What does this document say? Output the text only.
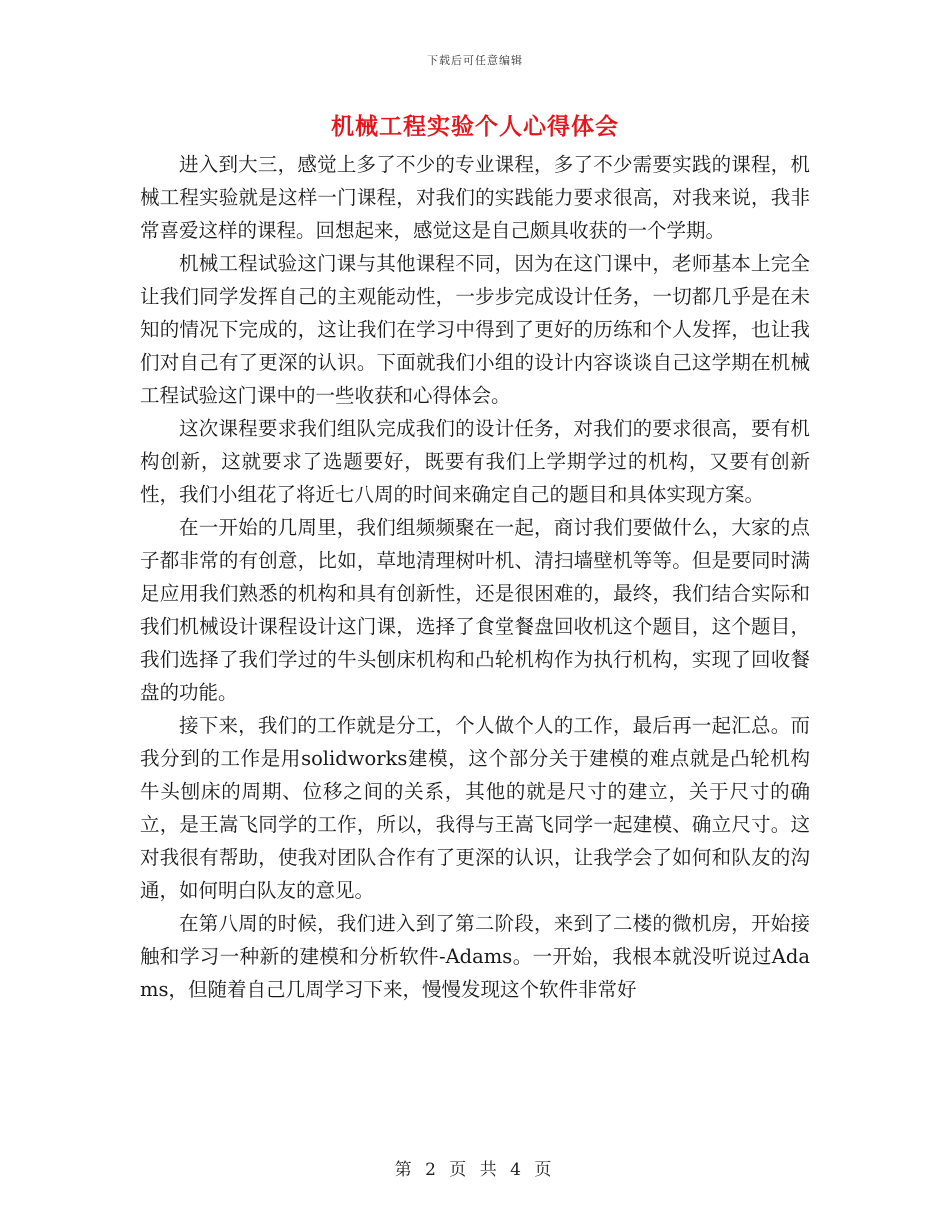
下载后可任意编辑
机械工程实验个人心得体会

进入到大三，感觉上多了不少的专业课程，多了不少需要实践的课程，机械工程实验就是这样一门课程，对我们的实践能力要求很高，对我来说，我非常喜爱这样的课程。回想起来，感觉这是自己颇具收获的一个学期。

机械工程试验这门课与其他课程不同，因为在这门课中，老师基本上完全让我们同学发挥自己的主观能动性，一步步完成设计任务，一切都几乎是在未知的情况下完成的，这让我们在学习中得到了更好的历练和个人发挥，也让我们对自己有了更深的认识。下面就我们小组的设计内容谈谈自己这学期在机械工程试验这门课中的一些收获和心得体会。

这次课程要求我们组队完成我们的设计任务，对我们的要求很高，要有机构创新，这就要求了选题要好，既要有我们上学期学过的机构，又要有创新性，我们小组花了将近七八周的时间来确定自己的题目和具体实现方案。

在一开始的几周里，我们组频频聚在一起，商讨我们要做什么，大家的点子都非常的有创意，比如，草地清理树叶机、清扫墙壁机等等。但是要同时满足应用我们熟悉的机构和具有创新性，还是很困难的，最终，我们结合实际和我们机械设计课程设计这门课，选择了食堂餐盘回收机这个题目，这个题目，我们选择了我们学过的牛头刨床机构和凸轮机构作为执行机构，实现了回收餐盘的功能。

接下来，我们的工作就是分工，个人做个人的工作，最后再一起汇总。而我分到的工作是用solidworks建模，这个部分关于建模的难点就是凸轮机构牛头刨床的周期、位移之间的关系，其他的就是尺寸的建立，关于尺寸的确立，是王嵩飞同学的工作，所以，我得与王嵩飞同学一起建模、确立尺寸。这对我很有帮助，使我对团队合作有了更深的认识，让我学会了如何和队友的沟通，如何明白队友的意见。

在第八周的时候，我们进入到了第二阶段，来到了二楼的微机房，开始接触和学习一种新的建模和分析软件-Adams。一开始，我根本就没听说过Adams，但随着自己几周学习下来，慢慢发现这个软件非常好

第 2 页 共 4 页
